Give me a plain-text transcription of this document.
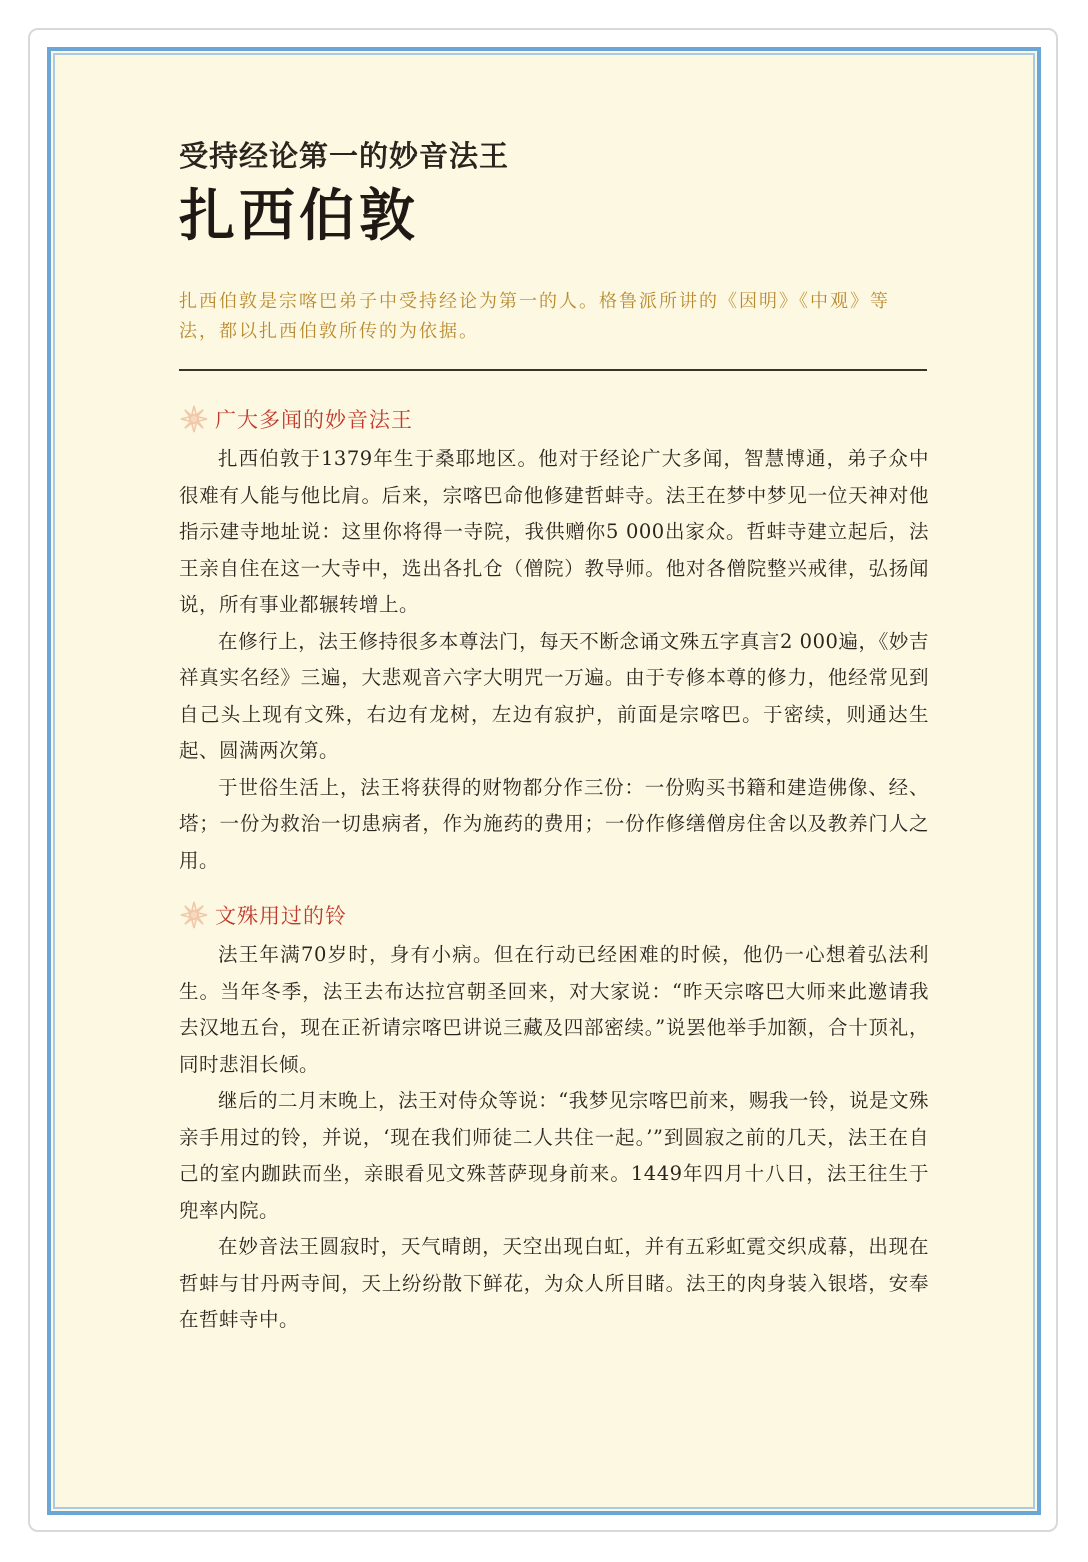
受持经论第一的妙音法王
扎西伯敦
扎西伯敦是宗喀巴弟子中受持经论为第一的人。格鲁派所讲的《因明》《中观》等法，都以扎西伯敦所传的为依据。
广大多闻的妙音法王

扎西伯敦于1379年生于桑耶地区。他对于经论广大多闻，智慧博通，弟子众中很难有人能与他比肩。后来，宗喀巴命他修建哲蚌寺。法王在梦中梦见一位天神对他指示建寺地址说：这里你将得一寺院，我供赠你5 000出家众。哲蚌寺建立起后，法王亲自住在这一大寺中，选出各扎仓（僧院）教导师。他对各僧院整兴戒律，弘扬闻说，所有事业都辗转增上。

在修行上，法王修持很多本尊法门，每天不断念诵文殊五字真言2 000遍，《妙吉祥真实名经》三遍，大悲观音六字大明咒一万遍。由于专修本尊的修力，他经常见到自己头上现有文殊，右边有龙树，左边有寂护，前面是宗喀巴。于密续，则通达生起、圆满两次第。

于世俗生活上，法王将获得的财物都分作三份：一份购买书籍和建造佛像、经、塔；一份为救治一切患病者，作为施药的费用；一份作修缮僧房住舍以及教养门人之用。

文殊用过的铃

法王年满70岁时，身有小病。但在行动已经困难的时候，他仍一心想着弘法利生。当年冬季，法王去布达拉宫朝圣回来，对大家说：“昨天宗喀巴大师来此邀请我去汉地五台，现在正祈请宗喀巴讲说三藏及四部密续。”说罢他举手加额，合十顶礼，同时悲泪长倾。

继后的二月末晚上，法王对侍众等说：“我梦见宗喀巴前来，赐我一铃，说是文殊亲手用过的铃，并说，‘现在我们师徒二人共住一起。’”到圆寂之前的几天，法王在自己的室内跏趺而坐，亲眼看见文殊菩萨现身前来。1449年四月十八日，法王往生于兜率内院。

在妙音法王圆寂时，天气晴朗，天空出现白虹，并有五彩虹霓交织成幕，出现在哲蚌与甘丹两寺间，天上纷纷散下鲜花，为众人所目睹。法王的肉身装入银塔，安奉在哲蚌寺中。
